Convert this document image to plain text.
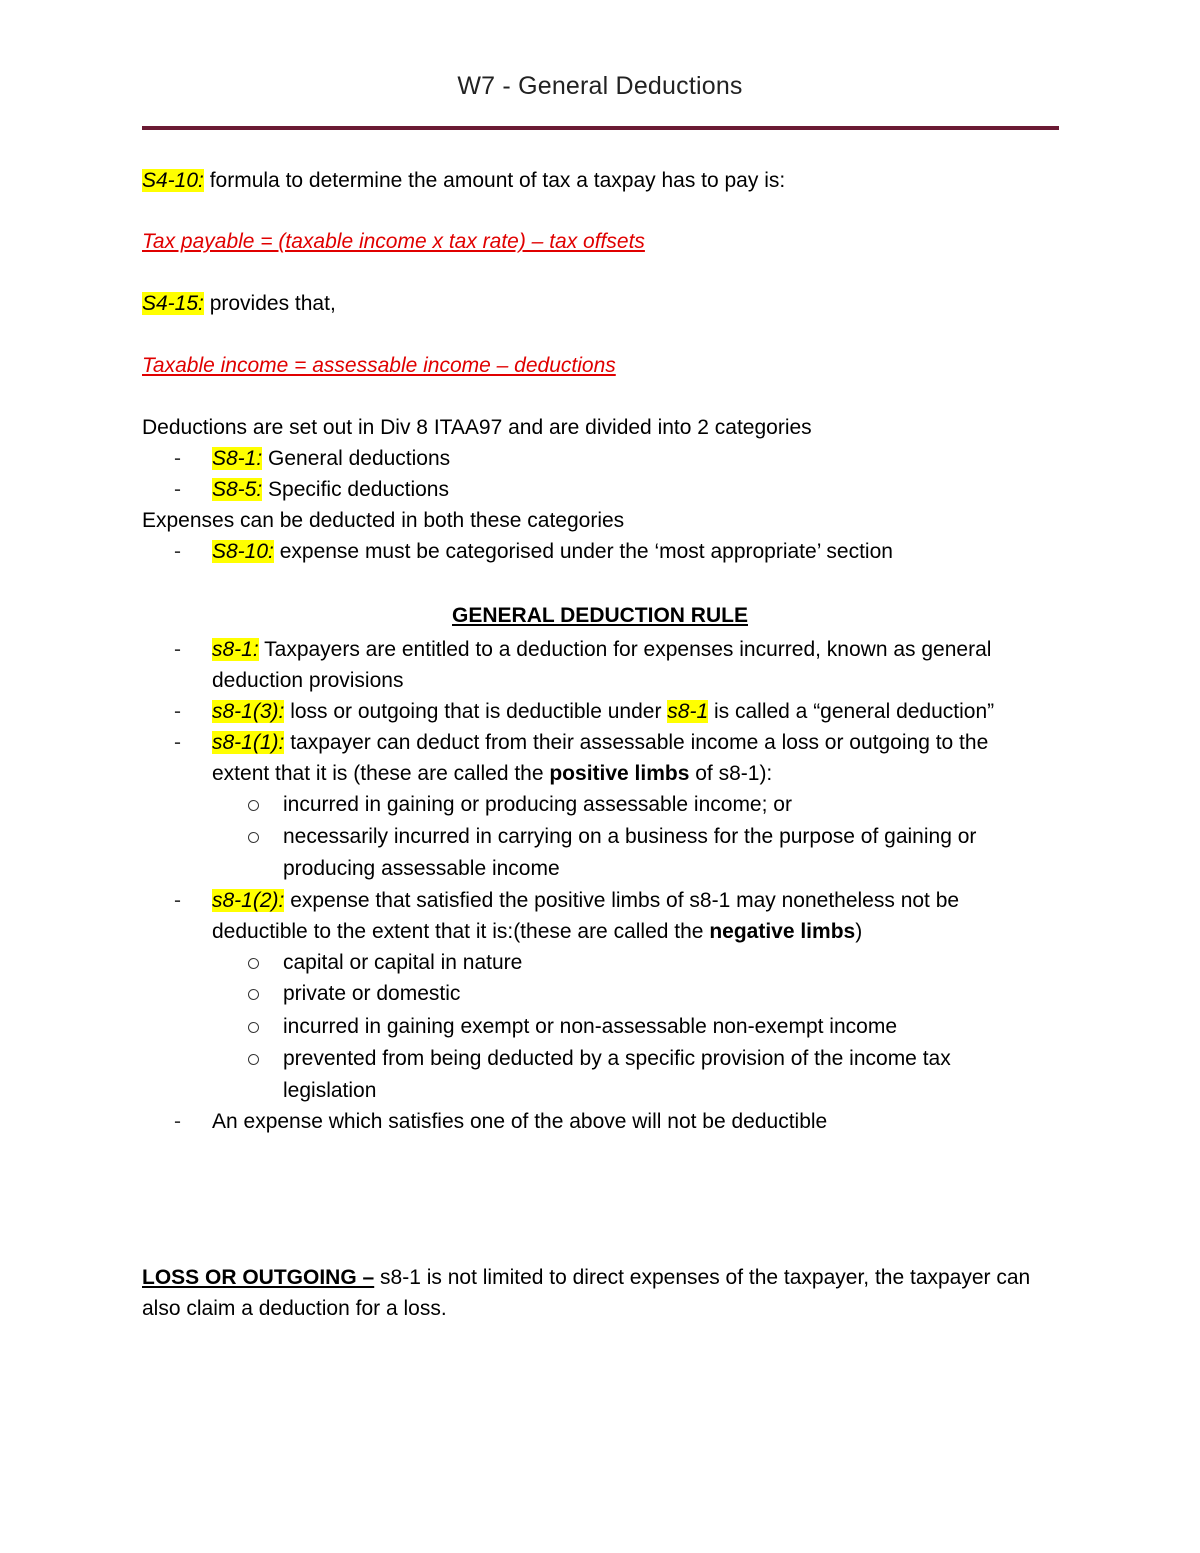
W7 - General Deductions
S4-10: formula to determine the amount of tax a taxpay has to pay is:
Tax payable = (taxable income x tax rate) – tax offsets
S4-15: provides that,
Taxable income = assessable income – deductions
Deductions are set out in Div 8 ITAA97 and are divided into 2 categories
- S8-1: General deductions
- S8-5: Specific deductions
Expenses can be deducted in both these categories
- S8-10: expense must be categorised under the ‘most appropriate’ section
GENERAL DEDUCTION RULE
- s8-1: Taxpayers are entitled to a deduction for expenses incurred, known as general
deduction provisions
- s8-1(3): loss or outgoing that is deductible under s8-1 is called a “general deduction”
- s8-1(1): taxpayer can deduct from their assessable income a loss or outgoing to the
extent that it is (these are called the positive limbs of s8-1):
incurred in gaining or producing assessable income; or
necessarily incurred in carrying on a business for the purpose of gaining or
producing assessable income
- s8-1(2): expense that satisfied the positive limbs of s8-1 may nonetheless not be
deductible to the extent that it is:(these are called the negative limbs)
capital or capital in nature
private or domestic
incurred in gaining exempt or non-assessable non-exempt income
prevented from being deducted by a specific provision of the income tax
legislation
- An expense which satisfies one of the above will not be deductible
LOSS OR OUTGOING – s8-1 is not limited to direct expenses of the taxpayer, the taxpayer can
also claim a deduction for a loss.
